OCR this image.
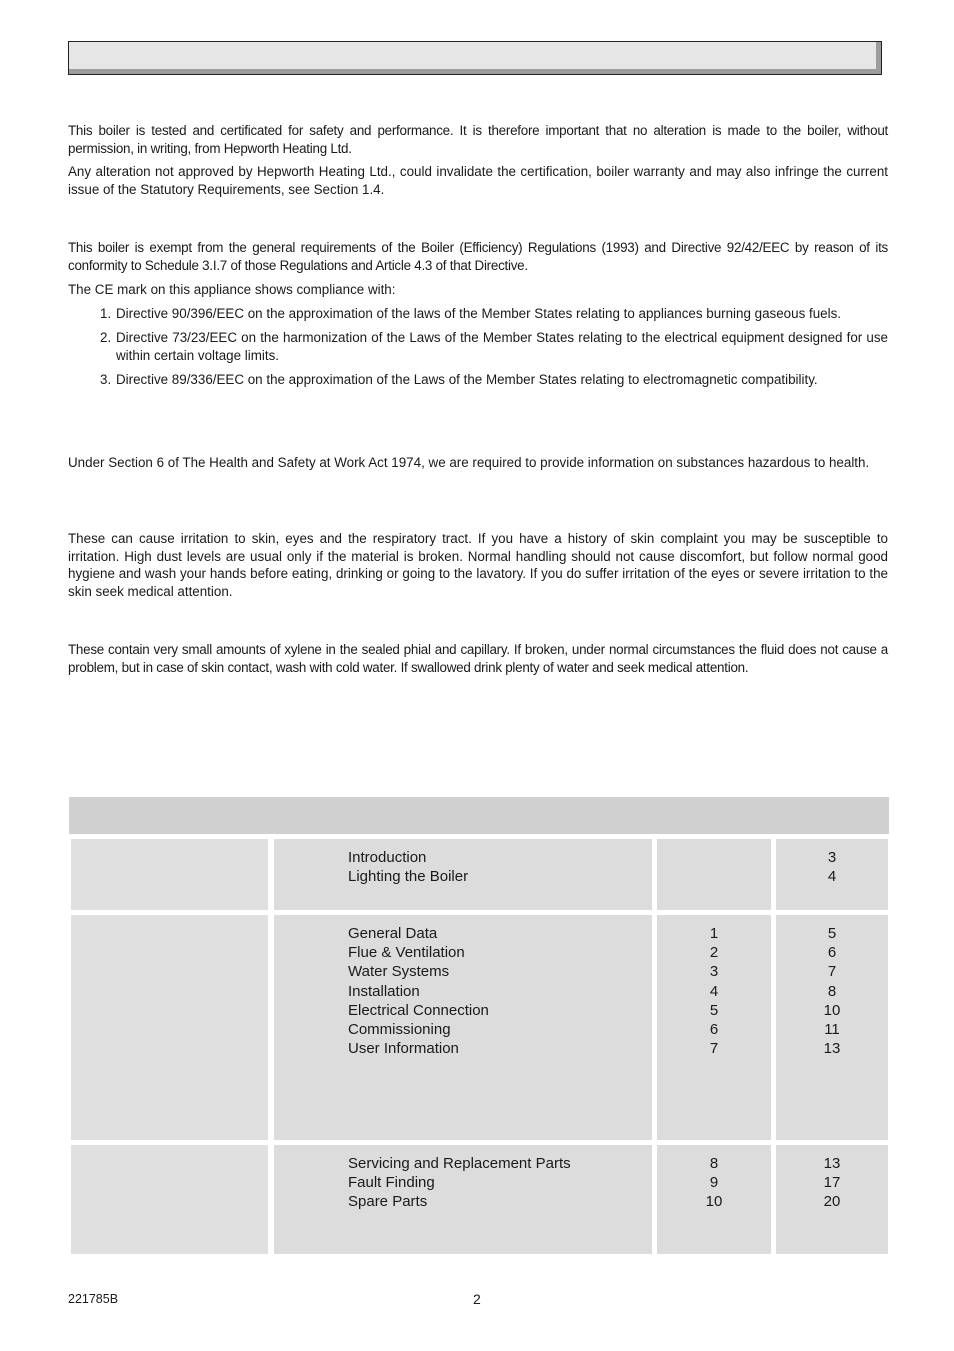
This boiler is tested and certificated for safety and performance. It is therefore important that no alteration is made to the boiler, without permission, in writing, from Hepworth Heating Ltd.

Any alteration not approved by Hepworth Heating Ltd., could invalidate the certification, boiler warranty and may also infringe the current issue of the Statutory Requirements, see Section 1.4.

This boiler is exempt from the general requirements of the Boiler (Efficiency) Regulations (1993) and Directive 92/42/EEC by reason of its conformity to Schedule 3.I.7 of those Regulations and Article 4.3 of that Directive.

The CE mark on this appliance shows compliance with:

1. Directive 90/396/EEC on the approximation of the laws of the Member States relating to appliances burning gaseous fuels.
2. Directive 73/23/EEC on the harmonization of the Laws of the Member States relating to the electrical equipment designed for use within certain voltage limits.
3. Directive 89/336/EEC on the approximation of the Laws of the Member States relating to electromagnetic compatibility.

Under Section 6 of The Health and Safety at Work Act 1974, we are required to provide information on substances hazardous to health.

These can cause irritation to skin, eyes and the respiratory tract. If you have a history of skin complaint you may be susceptible to irritation. High dust levels are usual only if the material is broken. Normal handling should not cause discomfort, but follow normal good hygiene and wash your hands before eating, drinking or going to the lavatory. If you do suffer irritation of the eyes or severe irritation to the skin seek medical attention.

These contain very small amounts of xylene in the sealed phial and capillary. If broken, under normal circumstances the fluid does not cause a problem, but in case of skin contact, wash with cold water. If swallowed drink plenty of water and seek medical attention.

Introduction
Lighting the Boiler
3
4
General Data
Flue & Ventilation
Water Systems
Installation
Electrical Connection
Commissioning
User Information
1
2
3
4
5
6
7
5
6
7
8
10
11
13
Servicing and Replacement Parts
Fault Finding
Spare Parts
8
9
10
13
17
20
221785B	2
